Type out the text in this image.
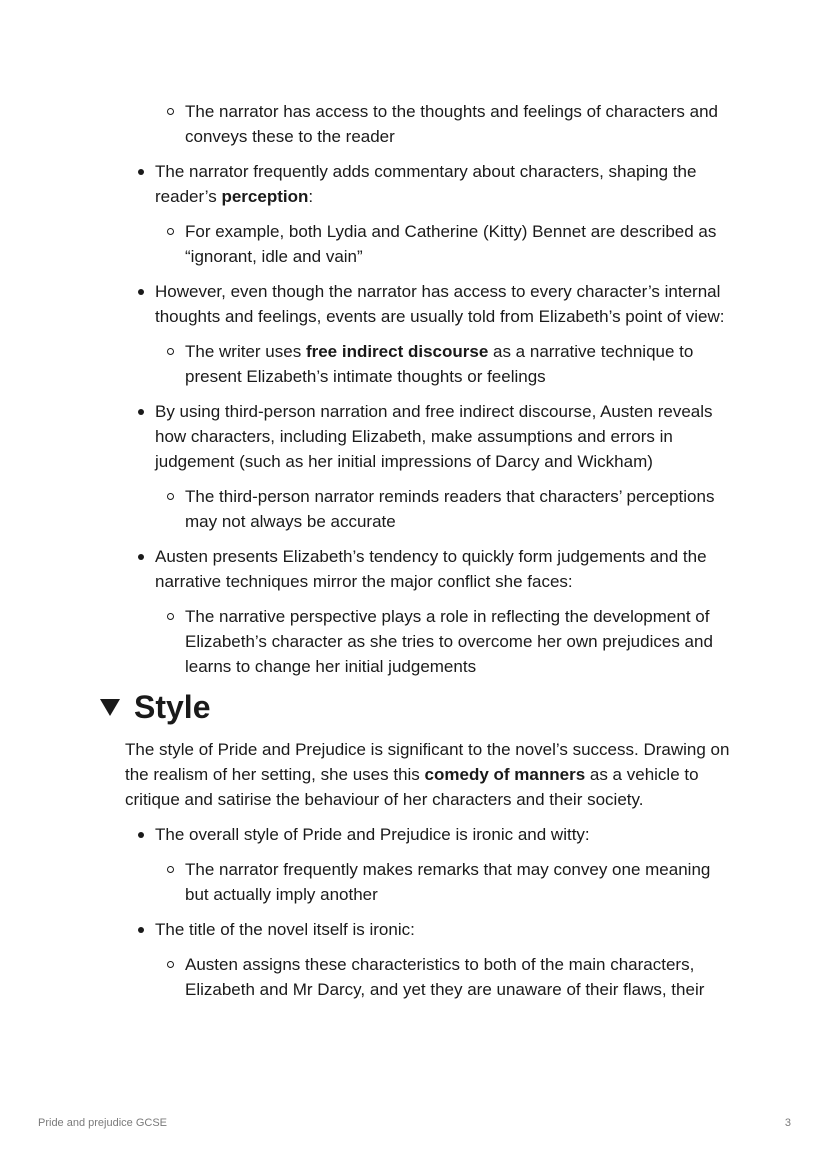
The narrator has access to the thoughts and feelings of characters and conveys these to the reader
The narrator frequently adds commentary about characters, shaping the reader’s perception:
For example, both Lydia and Catherine (Kitty) Bennet are described as “ignorant, idle and vain”
However, even though the narrator has access to every character’s internal thoughts and feelings, events are usually told from Elizabeth’s point of view:
The writer uses free indirect discourse as a narrative technique to present Elizabeth’s intimate thoughts or feelings
By using third-person narration and free indirect discourse, Austen reveals how characters, including Elizabeth, make assumptions and errors in judgement (such as her initial impressions of Darcy and Wickham)
The third-person narrator reminds readers that characters’ perceptions may not always be accurate
Austen presents Elizabeth’s tendency to quickly form judgements and the narrative techniques mirror the major conflict she faces:
The narrative perspective plays a role in reflecting the development of Elizabeth’s character as she tries to overcome her own prejudices and learns to change her initial judgements
Style

The style of Pride and Prejudice is significant to the novel’s success. Drawing on the realism of her setting, she uses this comedy of manners as a vehicle to critique and satirise the behaviour of her characters and their society.

The overall style of Pride and Prejudice is ironic and witty:
The narrator frequently makes remarks that may convey one meaning but actually imply another
The title of the novel itself is ironic:
Austen assigns these characteristics to both of the main characters, Elizabeth and Mr Darcy, and yet they are unaware of their flaws, their
Pride and prejudice GCSE	3
